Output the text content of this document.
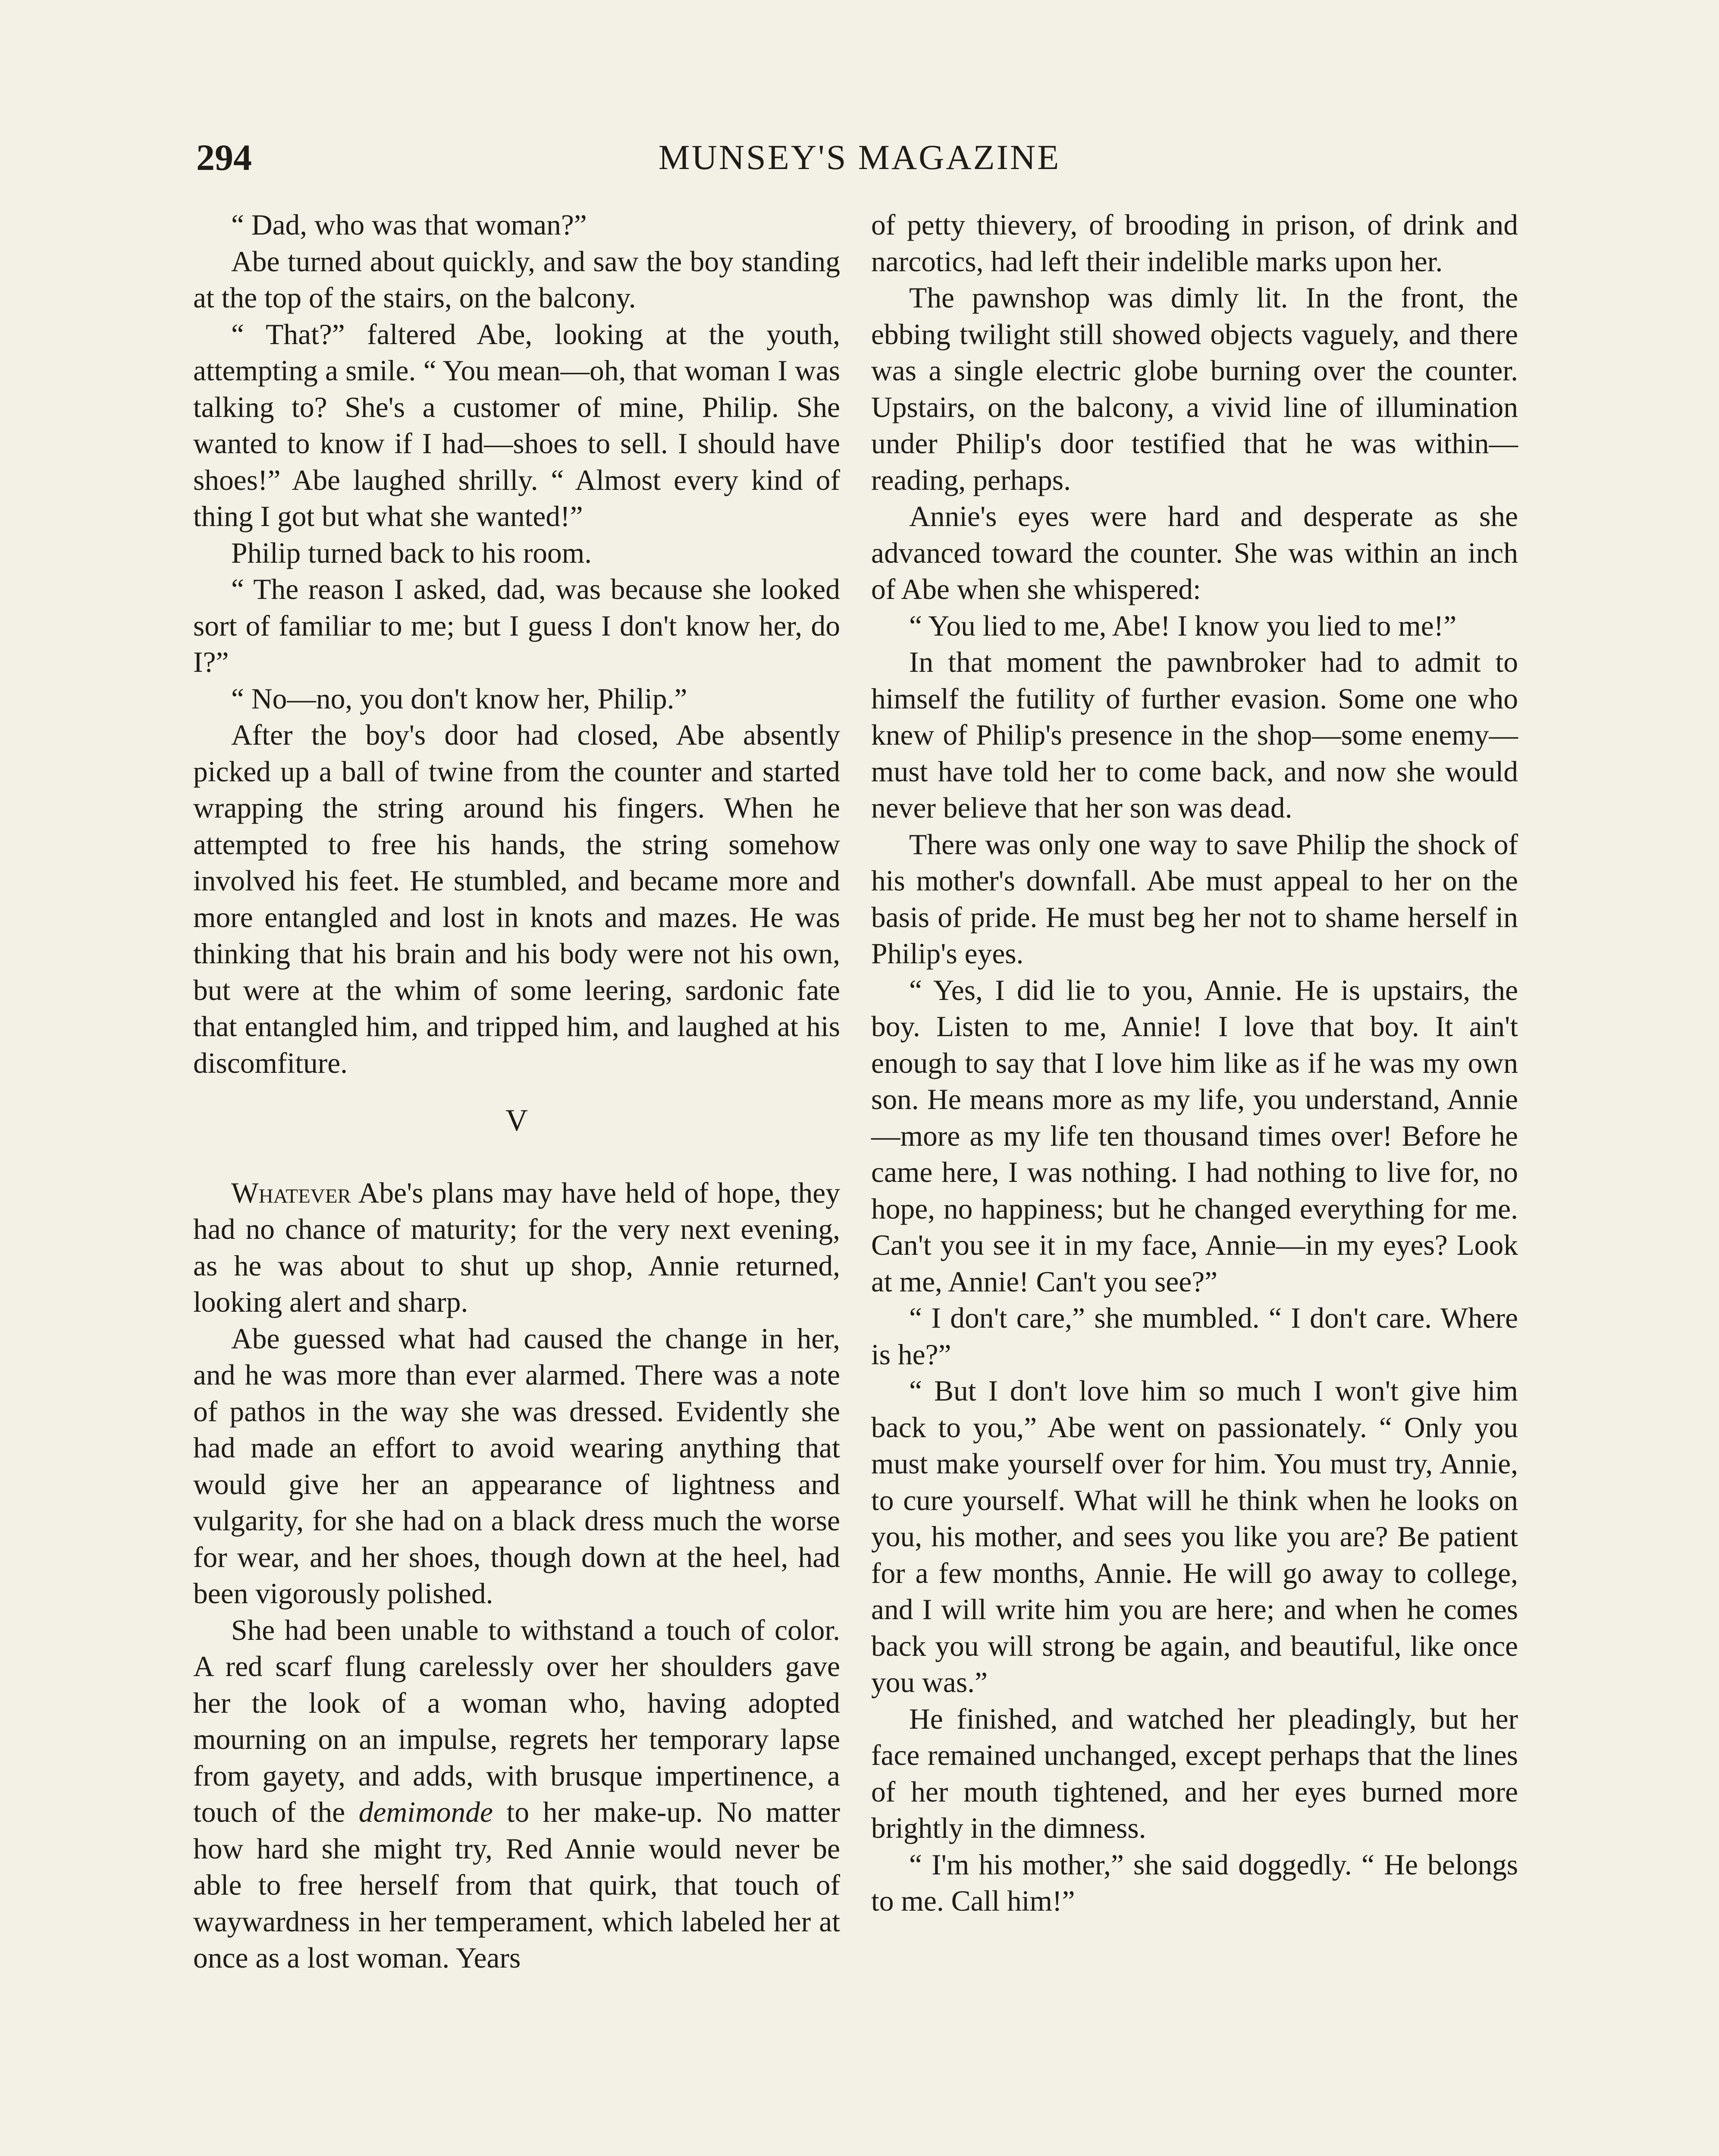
294	MUNSEY'S MAGAZINE

“ Dad, who was that woman?”

Abe turned about quickly, and saw the boy standing at the top of the stairs, on the balcony.

“ That?” faltered Abe, looking at the youth, attempting a smile. “ You mean—oh, that woman I was talking to? She's a customer of mine, Philip. She wanted to know if I had—shoes to sell. I should have shoes!” Abe laughed shrilly. “ Almost every kind of thing I got but what she wanted!”

Philip turned back to his room.

“ The reason I asked, dad, was because she looked sort of familiar to me; but I guess I don't know her, do I?”

“ No—no, you don't know her, Philip.”

After the boy's door had closed, Abe absently picked up a ball of twine from the counter and started wrapping the string around his fingers. When he attempted to free his hands, the string somehow involved his feet. He stumbled, and became more and more entangled and lost in knots and mazes. He was thinking that his brain and his body were not his own, but were at the whim of some leering, sardonic fate that entangled him, and tripped him, and laughed at his discomfiture.

V

Whatever Abe's plans may have held of hope, they had no chance of maturity; for the very next evening, as he was about to shut up shop, Annie returned, looking alert and sharp.

Abe guessed what had caused the change in her, and he was more than ever alarmed. There was a note of pathos in the way she was dressed. Evidently she had made an effort to avoid wearing anything that would give her an appearance of lightness and vulgarity, for she had on a black dress much the worse for wear, and her shoes, though down at the heel, had been vigorously polished.

She had been unable to withstand a touch of color. A red scarf flung carelessly over her shoulders gave her the look of a woman who, having adopted mourning on an impulse, regrets her temporary lapse from gayety, and adds, with brusque impertinence, a touch of the demimonde to her make-up. No matter how hard she might try, Red Annie would never be able to free herself from that quirk, that touch of waywardness in her temperament, which labeled her at once as a lost woman. Years

of petty thievery, of brooding in prison, of drink and narcotics, had left their indelible marks upon her.

The pawnshop was dimly lit. In the front, the ebbing twilight still showed objects vaguely, and there was a single electric globe burning over the counter. Upstairs, on the balcony, a vivid line of illumination under Philip's door testified that he was within—reading, perhaps.

Annie's eyes were hard and desperate as she advanced toward the counter. She was within an inch of Abe when she whispered:

“ You lied to me, Abe! I know you lied to me!”

In that moment the pawnbroker had to admit to himself the futility of further evasion. Some one who knew of Philip's presence in the shop—some enemy—must have told her to come back, and now she would never believe that her son was dead.

There was only one way to save Philip the shock of his mother's downfall. Abe must appeal to her on the basis of pride. He must beg her not to shame herself in Philip's eyes.

“ Yes, I did lie to you, Annie. He is upstairs, the boy. Listen to me, Annie! I love that boy. It ain't enough to say that I love him like as if he was my own son. He means more as my life, you understand, Annie—more as my life ten thousand times over! Before he came here, I was nothing. I had nothing to live for, no hope, no happiness; but he changed everything for me. Can't you see it in my face, Annie—in my eyes? Look at me, Annie! Can't you see?”

“ I don't care,” she mumbled. “ I don't care. Where is he?”

“ But I don't love him so much I won't give him back to you,” Abe went on passionately. “ Only you must make yourself over for him. You must try, Annie, to cure yourself. What will he think when he looks on you, his mother, and sees you like you are? Be patient for a few months, Annie. He will go away to college, and I will write him you are here; and when he comes back you will strong be again, and beautiful, like once you was.”

He finished, and watched her pleadingly, but her face remained unchanged, except perhaps that the lines of her mouth tightened, and her eyes burned more brightly in the dimness.

“ I'm his mother,” she said doggedly. “ He belongs to me. Call him!”
